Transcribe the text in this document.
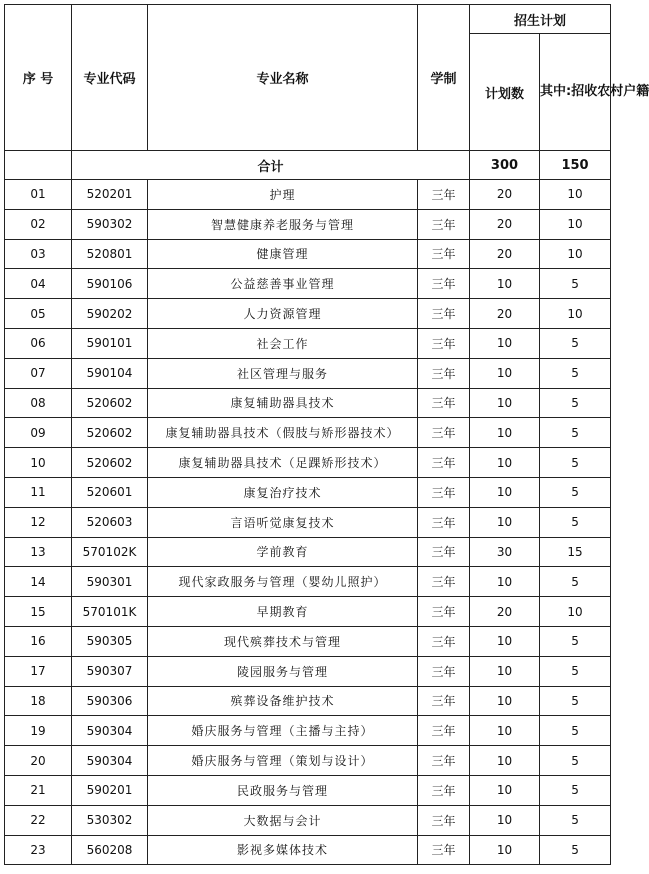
序 号	专业代码	专业名称	学制	招生计划	
				计划数	其中:招收农村户籍
	合计			300	150
01	520201	护理	三年	20	10
02	590302	智慧健康养老服务与管理	三年	20	10
03	520801	健康管理	三年	20	10
04	590106	公益慈善事业管理	三年	10	5
05	590202	人力资源管理	三年	20	10
06	590101	社会工作	三年	10	5
07	590104	社区管理与服务	三年	10	5
08	520602	康复辅助器具技术	三年	10	5
09	520602	康复辅助器具技术（假肢与矫形器技术）	三年	10	5
10	520602	康复辅助器具技术（足踝矫形技术）	三年	10	5
11	520601	康复治疗技术	三年	10	5
12	520603	言语听觉康复技术	三年	10	5
13	570102K	学前教育	三年	30	15
14	590301	现代家政服务与管理（婴幼儿照护）	三年	10	5
15	570101K	早期教育	三年	20	10
16	590305	现代殡葬技术与管理	三年	10	5
17	590307	陵园服务与管理	三年	10	5
18	590306	殡葬设备维护技术	三年	10	5
19	590304	婚庆服务与管理（主播与主持）	三年	10	5
20	590304	婚庆服务与管理（策划与设计）	三年	10	5
21	590201	民政服务与管理	三年	10	5
22	530302	大数据与会计	三年	10	5
23	560208	影视多媒体技术	三年	10	5
